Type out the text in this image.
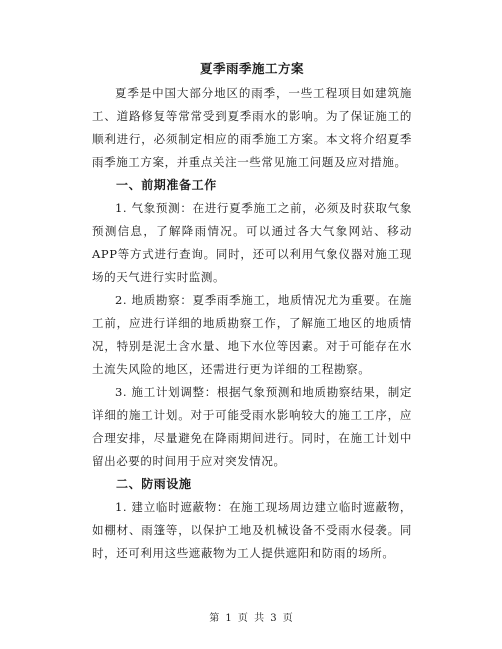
夏季雨季施工方案

夏季是中国大部分地区的雨季，一些工程项目如建筑施工、道路修复等常常受到夏季雨水的影响。为了保证施工的顺利进行，必须制定相应的雨季施工方案。本文将介绍夏季雨季施工方案，并重点关注一些常见施工问题及应对措施。

一、前期准备工作

1. 气象预测：在进行夏季施工之前，必须及时获取气象预测信息，了解降雨情况。可以通过各大气象网站、移动APP等方式进行查询。同时，还可以利用气象仪器对施工现场的天气进行实时监测。

2. 地质勘察：夏季雨季施工，地质情况尤为重要。在施工前，应进行详细的地质勘察工作，了解施工地区的地质情况，特别是泥土含水量、地下水位等因素。对于可能存在水土流失风险的地区，还需进行更为详细的工程勘察。

3. 施工计划调整：根据气象预测和地质勘察结果，制定详细的施工计划。对于可能受雨水影响较大的施工工序，应合理安排，尽量避免在降雨期间进行。同时，在施工计划中留出必要的时间用于应对突发情况。

二、防雨设施

1. 建立临时遮蔽物：在施工现场周边建立临时遮蔽物，如棚材、雨篷等，以保护工地及机械设备不受雨水侵袭。同时，还可利用这些遮蔽物为工人提供遮阳和防雨的场所。

第 1 页 共 3 页
